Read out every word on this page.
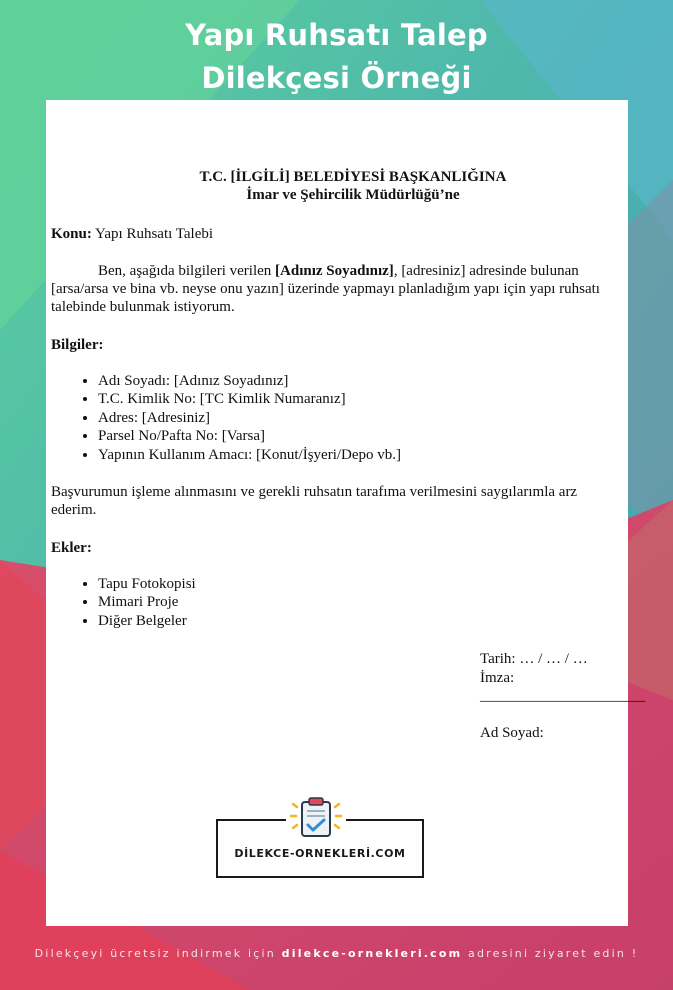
Yapı Ruhsatı Talep
Dilekçesi Örneği
T.C. [İLGİLİ] BELEDİYESİ BAŞKANLIĞINA
İmar ve Şehircilik Müdürlüğü’ne
Konu: Yapı Ruhsatı Talebi
Ben, aşağıda bilgileri verilen [Adınız Soyadınız], [adresiniz] adresinde bulunan
[arsa/arsa ve bina vb. neyse onu yazın] üzerinde yapmayı planladığım yapı için yapı ruhsatı
talebinde bulunmak istiyorum.
Bilgiler:
• Adı Soyadı: [Adınız Soyadınız]
• T.C. Kimlik No: [TC Kimlik Numaranız]
• Adres: [Adresiniz]
• Parsel No/Pafta No: [Varsa]
• Yapının Kullanım Amacı: [Konut/İşyeri/Depo vb.]
Başvurumun işleme alınmasını ve gerekli ruhsatın tarafıma verilmesini saygılarımla arz
ederim.
Ekler:
• Tapu Fotokopisi
• Mimari Proje
• Diğer Belgeler
Tarih: … / … / …
İmza:
______________________
Ad Soyad:
DİLEKCE-ORNEKLERİ.COM
Dilekçeyi ücretsiz indirmek için dilekce-ornekleri.com adresini ziyaret edin !
